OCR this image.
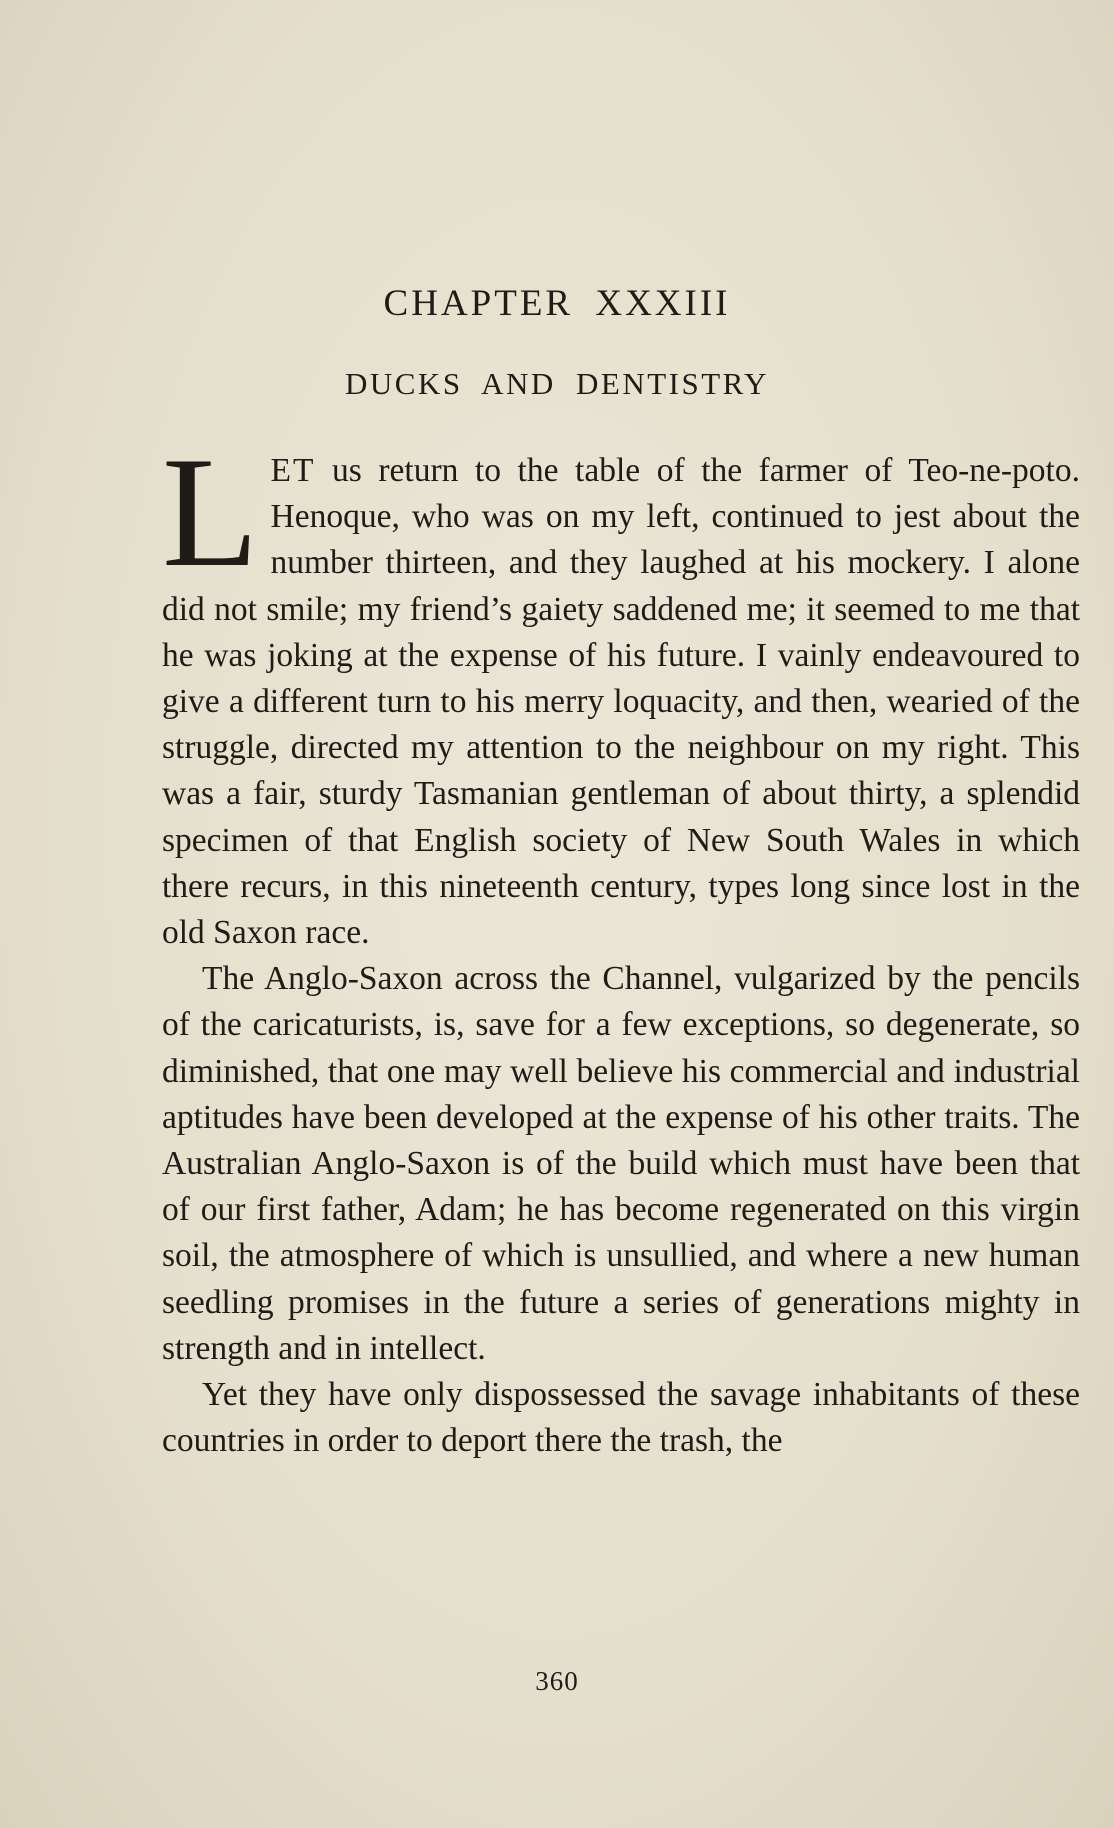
CHAPTER XXXIII
DUCKS AND DENTISTRY

LET us return to the table of the farmer of Teo-ne-poto. Henoque, who was on my left, continued to jest about the number thirteen, and they laughed at his mockery. I alone did not smile; my friend’s gaiety saddened me; it seemed to me that he was joking at the expense of his future. I vainly endeavoured to give a different turn to his merry loquacity, and then, wearied of the struggle, directed my attention to the neighbour on my right. This was a fair, sturdy Tasmanian gentleman of about thirty, a splendid specimen of that English society of New South Wales in which there recurs, in this nineteenth century, types long since lost in the old Saxon race.

The Anglo-Saxon across the Channel, vulgarized by the pencils of the caricaturists, is, save for a few exceptions, so degenerate, so diminished, that one may well believe his commercial and industrial aptitudes have been developed at the expense of his other traits. The Australian Anglo-Saxon is of the build which must have been that of our first father, Adam; he has become regenerated on this virgin soil, the atmosphere of which is unsullied, and where a new human seedling promises in the future a series of generations mighty in strength and in intellect.

Yet they have only dispossessed the savage inhabitants of these countries in order to deport there the trash, the

360
